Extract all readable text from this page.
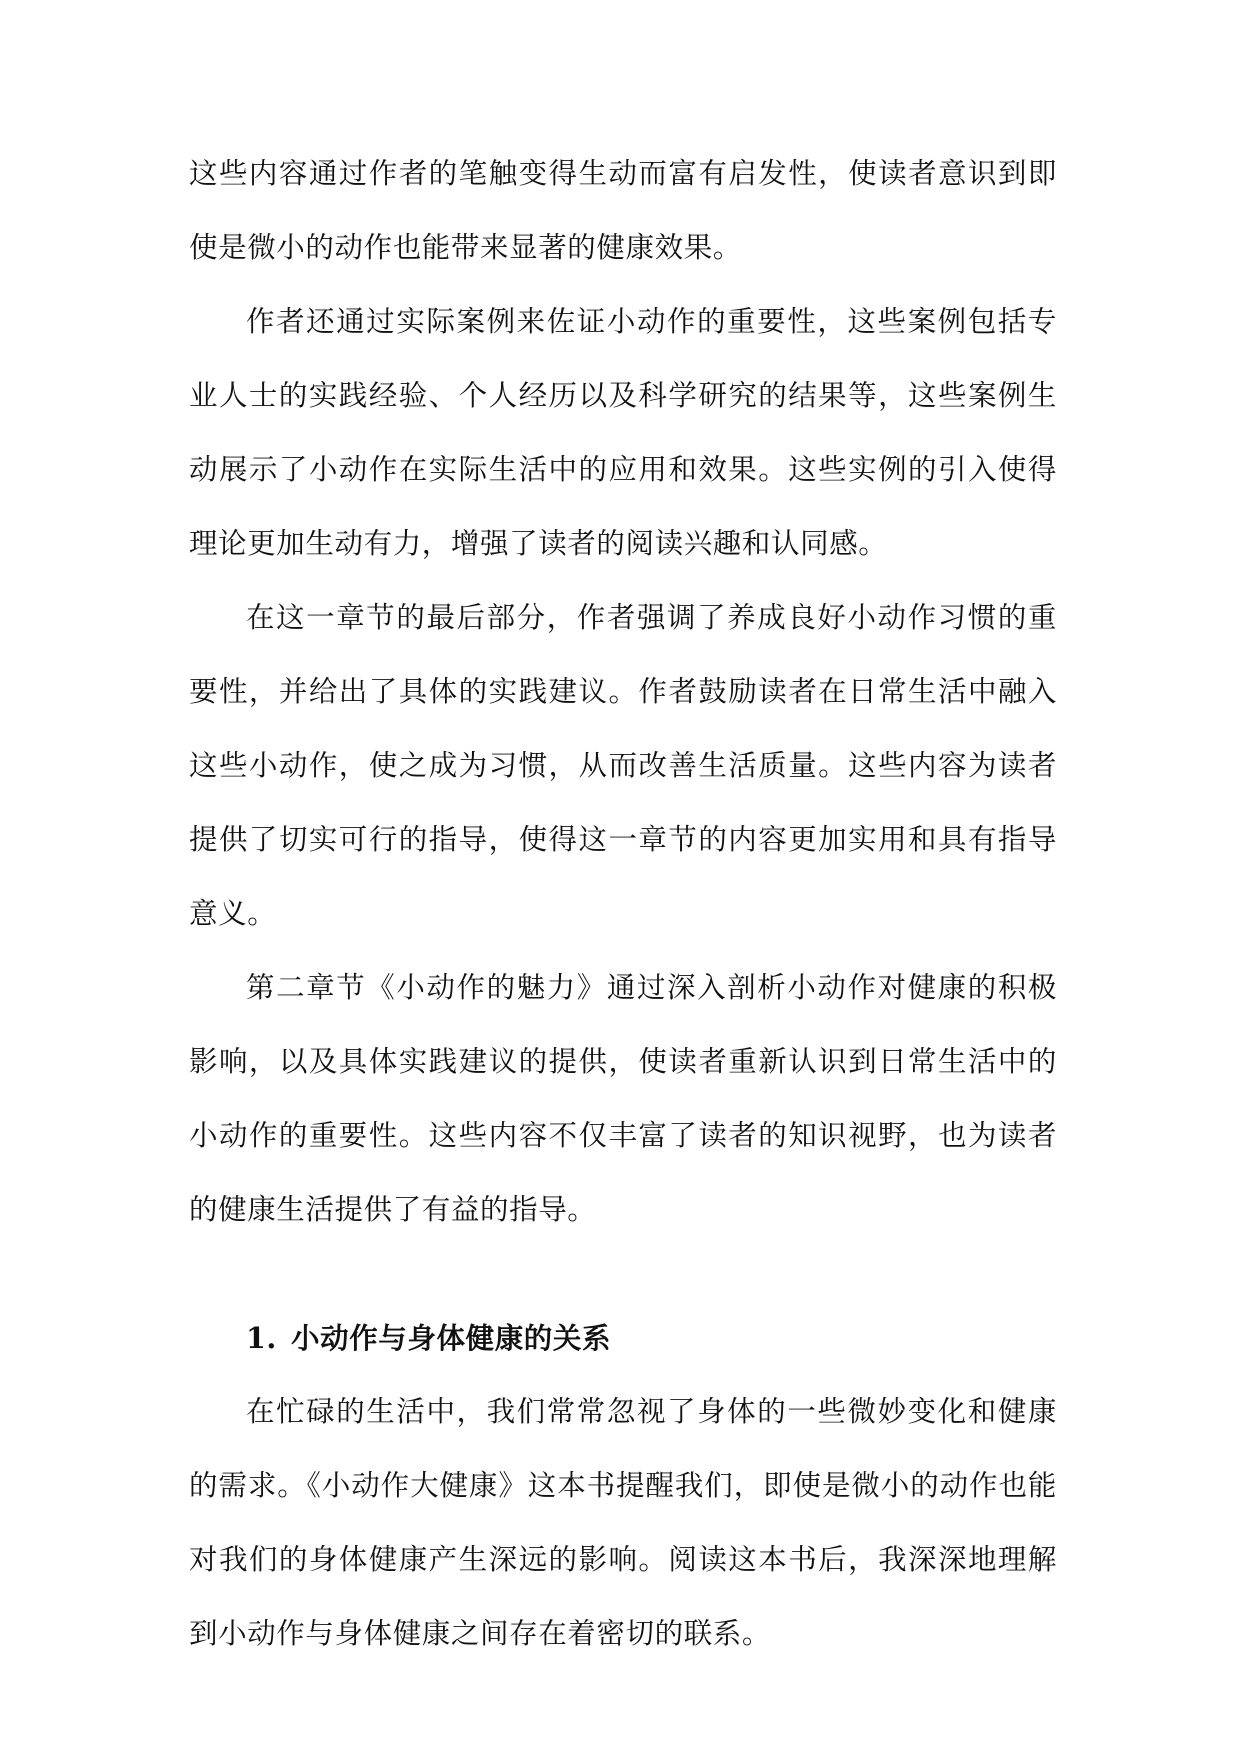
这些内容通过作者的笔触变得生动而富有启发性，使读者意识到即使是微小的动作也能带来显著的健康效果。

作者还通过实际案例来佐证小动作的重要性，这些案例包括专业人士的实践经验、个人经历以及科学研究的结果等，这些案例生动展示了小动作在实际生活中的应用和效果。这些实例的引入使得理论更加生动有力，增强了读者的阅读兴趣和认同感。

在这一章节的最后部分，作者强调了养成良好小动作习惯的重要性，并给出了具体的实践建议。作者鼓励读者在日常生活中融入这些小动作，使之成为习惯，从而改善生活质量。这些内容为读者提供了切实可行的指导，使得这一章节的内容更加实用和具有指导意义。

第二章节《小动作的魅力》通过深入剖析小动作对健康的积极影响，以及具体实践建议的提供，使读者重新认识到日常生活中的小动作的重要性。这些内容不仅丰富了读者的知识视野，也为读者的健康生活提供了有益的指导。

1. 小动作与身体健康的关系

在忙碌的生活中，我们常常忽视了身体的一些微妙变化和健康的需求。《小动作大健康》这本书提醒我们，即使是微小的动作也能对我们的身体健康产生深远的影响。阅读这本书后，我深深地理解到小动作与身体健康之间存在着密切的联系。
